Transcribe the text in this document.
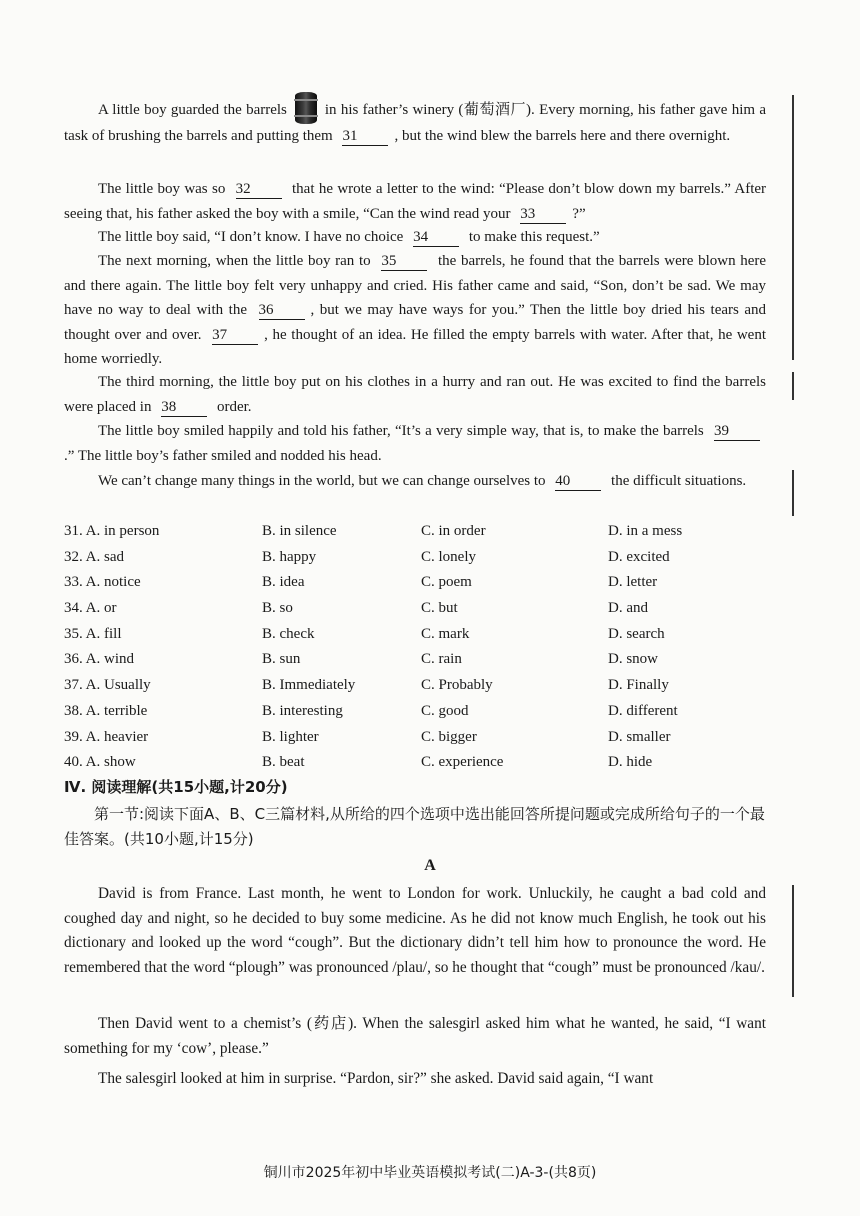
A little boy guarded the barrels	in his father’s winery (葡萄酒厂). Every morning, his father gave him a task of brushing the barrels and putting them 31 , but the wind blew the barrels here and there overnight.

The little boy was so 32	that he wrote a letter to the wind: “Please don’t blow down my barrels.” After seeing that, his father asked the boy with a smile, “Can the wind read your 33 ?”

The little boy said, “I don’t know. I have no choice 34	to make this request.”

The next morning, when the little boy ran to 35	the barrels, he found that the barrels were blown here and there again. The little boy felt very unhappy and cried. His father came and said, “Son, don’t be sad. We may have no way to deal with the 36 , but we may have ways for you.” Then the little boy dried his tears and thought over and over. 37 , he thought of an idea. He filled the empty barrels with water. After that, he went home worriedly.

The third morning, the little boy put on his clothes in a hurry and ran out. He was excited to find the barrels were placed in 38	order.

The little boy smiled happily and told his father, “It’s a very simple way, that is, to make the barrels 39.” The little boy’s father smiled and nodded his head.

We can’t change many things in the world, but we can change ourselves to 40	the difficult situations.

31. A. in person	B. in silence	C. in order	D. in a mess
32. A. sad	B. happy	C. lonely	D. excited
33. A. notice	B. idea	C. poem	D. letter
34. A. or	B. so	C. but	D. and
35. A. fill	B. check	C. mark	D. search
36. A. wind	B. sun	C. rain	D. snow
37. A. Usually	B. Immediately	C. Probably	D. Finally
38. A. terrible	B. interesting	C. good	D. different
39. A. heavier	B. lighter	C. bigger	D. smaller
40. A. show	B. beat	C. experience	D. hide
Ⅳ. 阅读理解(共15小题,计20分)
第一节:阅读下面A、B、C三篇材料,从所给的四个选项中选出能回答所提问题或完成所给句子的一个最佳答案。(共10小题,计15分)
A

David is from France. Last month, he went to London for work. Unluckily, he caught a bad cold and coughed day and night, so he decided to buy some medicine. As he did not know much English, he took out his dictionary and looked up the word “cough”. But the dictionary didn’t tell him how to pronounce the word. He remembered that the word “plough” was pronounced /plau/, so he thought that “cough” must be pronounced /kau/.

Then David went to a chemist’s (药店). When the salesgirl asked him what he wanted, he said, “I want something for my ‘cow’, please.”

The salesgirl looked at him in surprise. “Pardon, sir?” she asked. David said again, “I want

铜川市2025年初中毕业英语模拟考试(二)A-3-(共8页)
